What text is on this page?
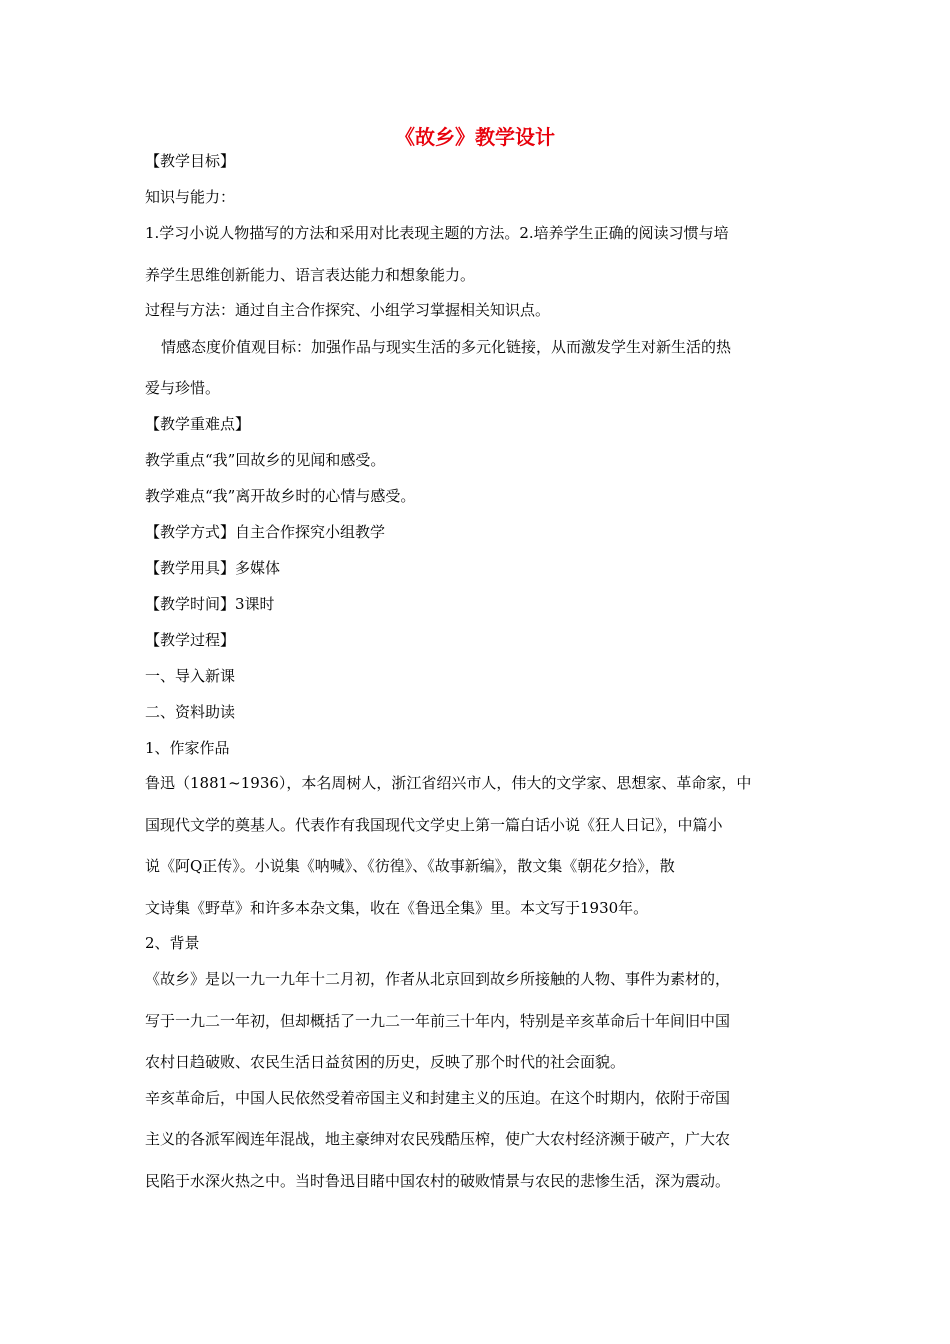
《故乡》教学设计
【教学目标】
知识与能力：
1.学习小说人物描写的方法和采用对比表现主题的方法。2.培养学生正确的阅读习惯与培
养学生思维创新能力、语言表达能力和想象能力。
过程与方法：通过自主合作探究、小组学习掌握相关知识点。
情感态度价值观目标：加强作品与现实生活的多元化链接，从而激发学生对新生活的热
爱与珍惜。
【教学重难点】
教学重点“我”回故乡的见闻和感受。
教学难点“我”离开故乡时的心情与感受。
【教学方式】自主合作探究小组教学
【教学用具】多媒体
【教学时间】3课时
【教学过程】
一、导入新课
二、资料助读
1、作家作品
鲁迅（1881~1936），本名周树人，浙江省绍兴市人，伟大的文学家、思想家、革命家，中
国现代文学的奠基人。代表作有我国现代文学史上第一篇白话小说《狂人日记》，中篇小
说《阿Q正传》。小说集《呐喊》、《彷徨》、《故事新编》，散文集《朝花夕拾》，散
文诗集《野草》和许多本杂文集，收在《鲁迅全集》里。本文写于1930年。
2、背景
《故乡》是以一九一九年十二月初，作者从北京回到故乡所接触的人物、事件为素材的，
写于一九二一年初，但却概括了一九二一年前三十年内，特别是辛亥革命后十年间旧中国
农村日趋破败、农民生活日益贫困的历史，反映了那个时代的社会面貌。
辛亥革命后，中国人民依然受着帝国主义和封建主义的压迫。在这个时期内，依附于帝国
主义的各派军阀连年混战，地主豪绅对农民残酷压榨，使广大农村经济濒于破产，广大农
民陷于水深火热之中。当时鲁迅目睹中国农村的破败情景与农民的悲惨生活，深为震动。
